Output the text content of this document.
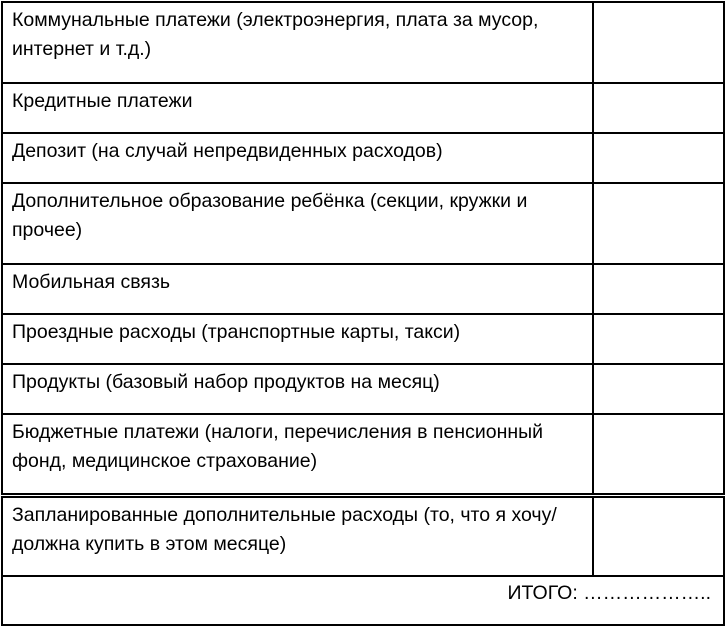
Коммунальные платежи (электроэнергия, плата за мусор, интернет и т.д.)	
Кредитные платежи	
Депозит (на случай непредвиденных расходов)	
Дополнительное образование ребёнка (секции, кружки и прочее)	
Мобильная связь	
Проездные расходы (транспортные карты, такси)	
Продукты (базовый набор продуктов на месяц)	
Бюджетные платежи (налоги, перечисления в пенсионный фонд, медицинское страхование)	
Запланированные дополнительные расходы (то, что я хочу/должна купить в этом месяце)	
ИТОГО: ………………..	
